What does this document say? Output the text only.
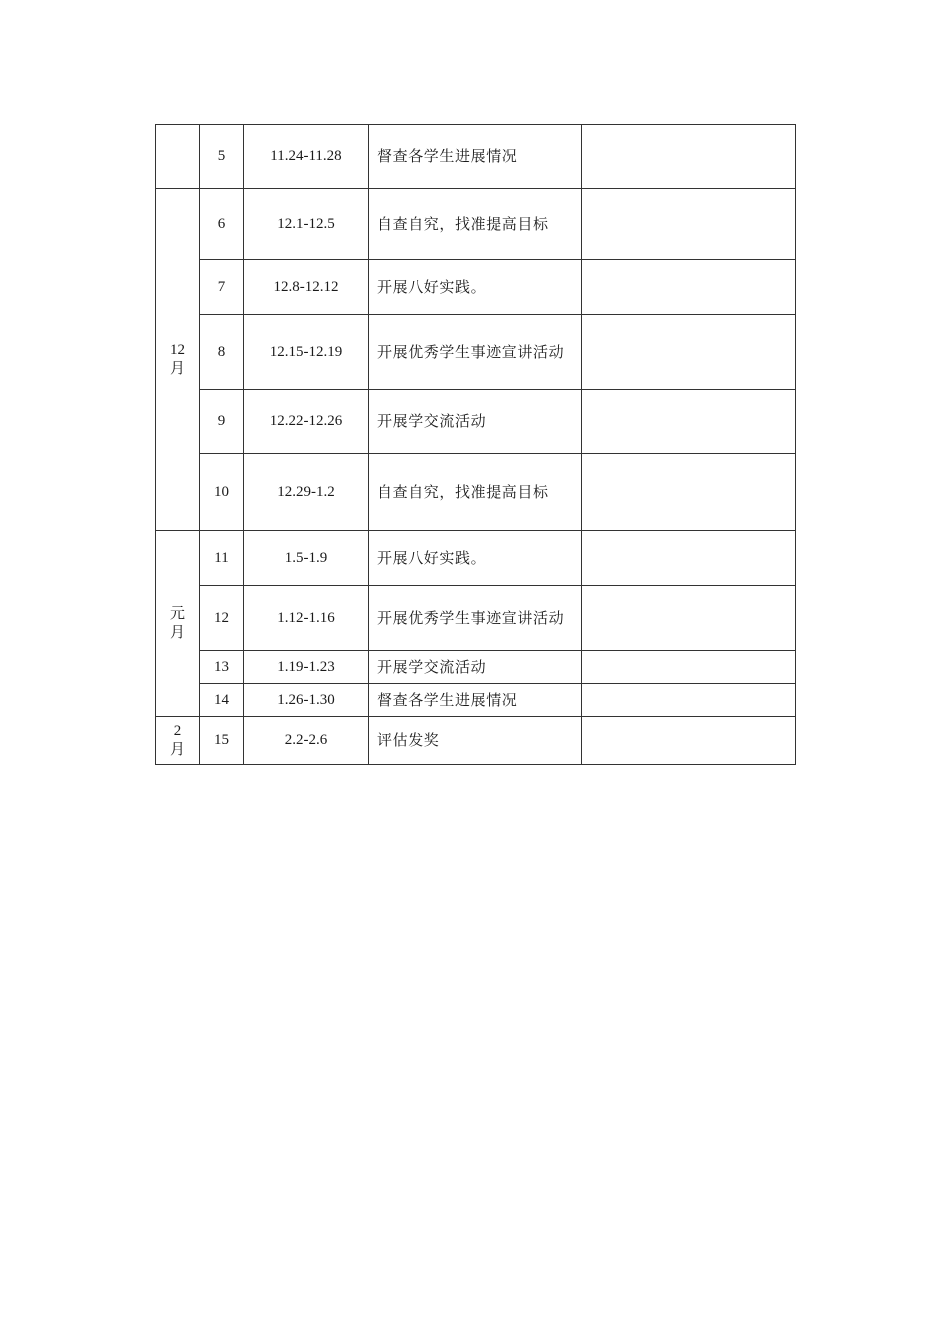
	5	11.24-11.28	督查各学生进展情况	
12
月	6	12.1-12.5	自查自究，找准提高目标	
	7	12.8-12.12	开展八好实践。	
	8	12.15-12.19	开展优秀学生事迹宣讲活动	
	9	12.22-12.26	开展学交流活动	
	10	12.29-1.2	自查自究，找准提高目标	
元
月	11	1.5-1.9	开展八好实践。	
	12	1.12-1.16	开展优秀学生事迹宣讲活动	
	13	1.19-1.23	开展学交流活动	
	14	1.26-1.30	督查各学生进展情况	
2
月	15	2.2-2.6	评估发奖	
